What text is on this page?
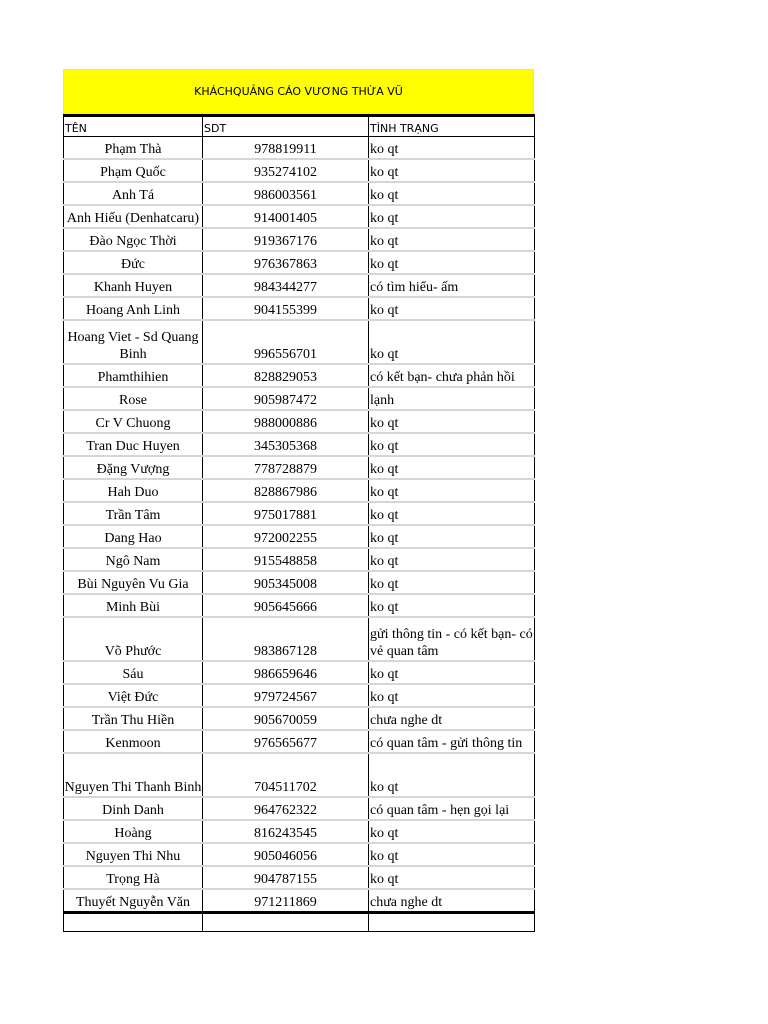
KHÁCHQUẢNG CÁO VƯƠNG THỪA VŨ
TÊN	SDT	TÌNH TRẠNG
Phạm Thà	978819911	ko qt
Phạm Quốc	935274102	ko qt
Anh Tá	986003561	ko qt
Anh Hiếu (Denhatcaru)	914001405	ko qt
Đào Ngọc Thời	919367176	ko qt
Đức	976367863	ko qt
Khanh Huyen	984344277	có tìm hiểu- ấm
Hoang Anh Linh	904155399	ko qt
Hoang Viet - Sd Quang Binh	996556701	ko qt
Phamthihien	828829053	có kết bạn- chưa phản hồi
Rose	905987472	lạnh
Cr V Chuong	988000886	ko qt
Tran Duc Huyen	345305368	ko qt
Đặng Vượng	778728879	ko qt
Hah Duo	828867986	ko qt
Trần Tâm	975017881	ko qt
Dang Hao	972002255	ko qt
Ngô Nam	915548858	ko qt
Bùi Nguyên Vu Gia	905345008	ko qt
Minh Bùi	905645666	ko qt
Võ Phước	983867128	gửi thông tin - có kết bạn- có vẻ quan tâm
Sáu	986659646	ko qt
Việt Đức	979724567	ko qt
Trần Thu Hiền	905670059	chưa nghe dt
Kenmoon	976565677	có quan tâm - gửi thông tin
Nguyen Thi Thanh Binh	704511702	ko qt
Dinh Danh	964762322	có quan tâm - hẹn gọi lại
Hoàng	816243545	ko qt
Nguyen Thi Nhu	905046056	ko qt
Trọng Hà	904787155	ko qt
Thuyết Nguyễn Văn	971211869	chưa nghe dt
